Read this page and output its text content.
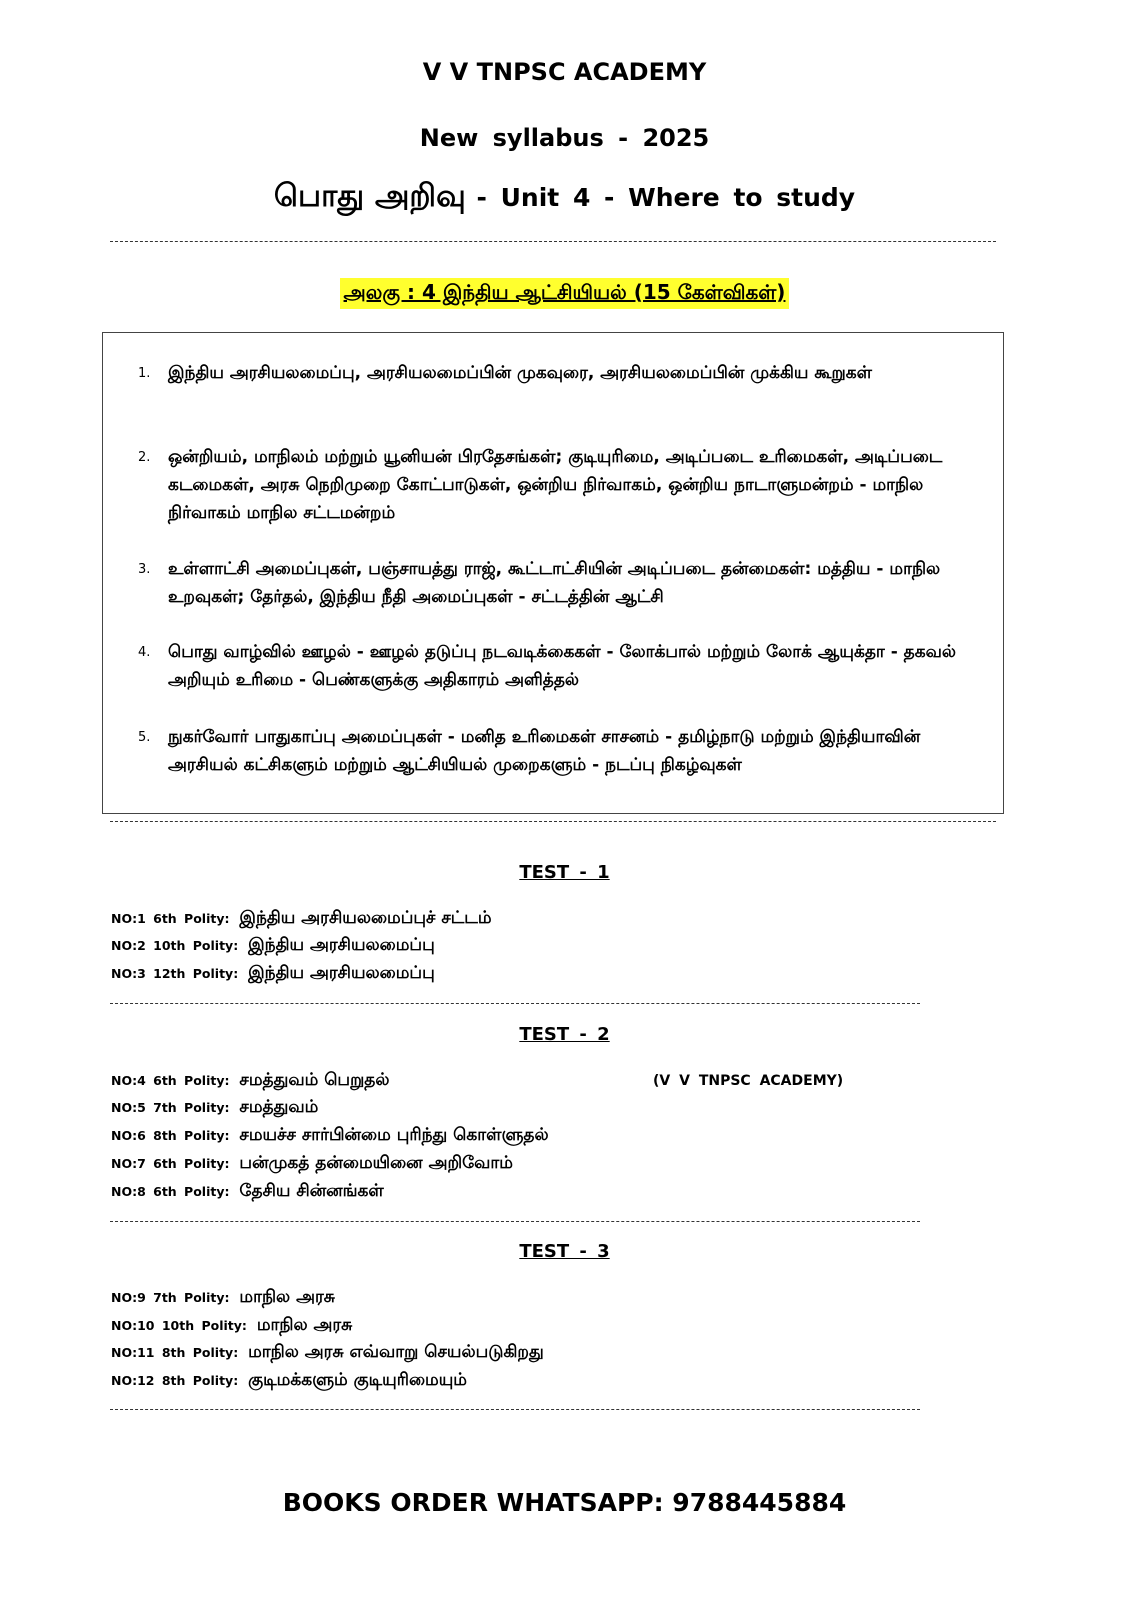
V V TNPSC ACADEMY
New syllabus - 2025
பொது அறிவு - Unit 4 - Where to study
அலகு : 4 இந்திய ஆட்சியியல் (15 கேள்விகள்)
1. இந்திய அரசியலமைப்பு, அரசியலமைப்பின் முகவுரை, அரசியலமைப்பின் முக்கிய கூறுகள்
2. ஒன்றியம், மாநிலம் மற்றும் யூனியன் பிரதேசங்கள்; குடியுரிமை, அடிப்படை உரிமைகள், அடிப்படை கடமைகள், அரசு நெறிமுறை கோட்பாடுகள், ஒன்றிய நிர்வாகம், ஒன்றிய நாடாளுமன்றம் - மாநில நிர்வாகம் மாநில சட்டமன்றம்
3. உள்ளாட்சி அமைப்புகள், பஞ்சாயத்து ராஜ், கூட்டாட்சியின் அடிப்படை தன்மைகள்: மத்திய - மாநில உறவுகள்; தேர்தல், இந்திய நீதி அமைப்புகள் - சட்டத்தின் ஆட்சி
4. பொது வாழ்வில் ஊழல் - ஊழல் தடுப்பு நடவடிக்கைகள் - லோக்பால் மற்றும் லோக் ஆயுக்தா - தகவல் அறியும் உரிமை - பெண்களுக்கு அதிகாரம் அளித்தல்
5. நுகர்வோர் பாதுகாப்பு அமைப்புகள் - மனித உரிமைகள் சாசனம் - தமிழ்நாடு மற்றும் இந்தியாவின் அரசியல் கட்சிகளும் மற்றும் ஆட்சியியல் முறைகளும் - நடப்பு நிகழ்வுகள்
TEST - 1
NO:1 6th Polity: இந்திய அரசியலமைப்புச் சட்டம்
NO:2 10th Polity: இந்திய அரசியலமைப்பு
NO:3 12th Polity: இந்திய அரசியலமைப்பு
TEST - 2
(V V TNPSC ACADEMY)
NO:4 6th Polity: சமத்துவம் பெறுதல்
NO:5 7th Polity: சமத்துவம்
NO:6 8th Polity: சமயச்ச சார்பின்மை புரிந்து கொள்ளுதல்
NO:7 6th Polity: பன்முகத் தன்மையினை அறிவோம்
NO:8 6th Polity: தேசிய சின்னங்கள்
TEST - 3
NO:9 7th Polity: மாநில அரசு
NO:10 10th Polity: மாநில அரசு
NO:11 8th Polity: மாநில அரசு எவ்வாறு செயல்படுகிறது
NO:12 8th Polity: குடிமக்களும் குடியுரிமையும்
BOOKS ORDER WHATSAPP: 9788445884
